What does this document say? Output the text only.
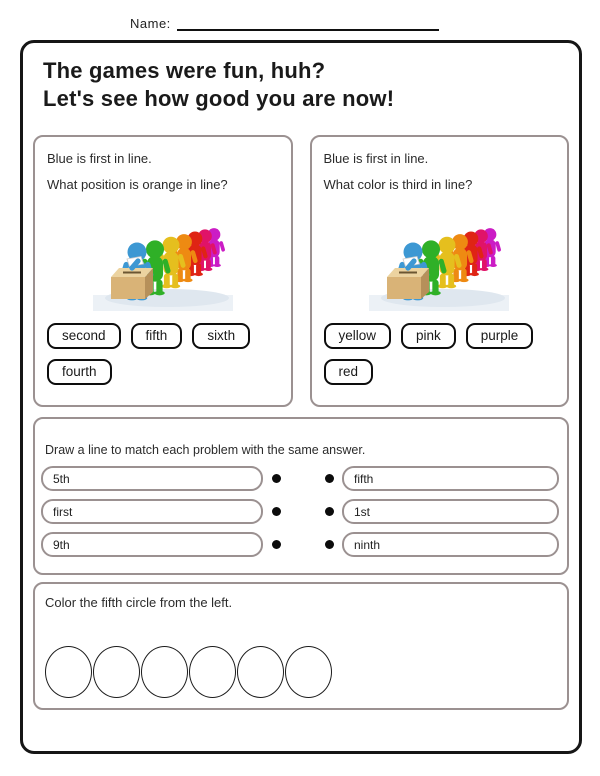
Name:
The games were fun, huh?
Let's see how good you are now!
Blue is first in line.
What position is orange in line?
second	fifth	sixth
fourth
Blue is first in line.
What color is third in line?
yellow	pink	purple
red
Draw a line to match each problem with the same answer.
5th	fifth
first	1st
9th	ninth
Color the fifth circle from the left.
